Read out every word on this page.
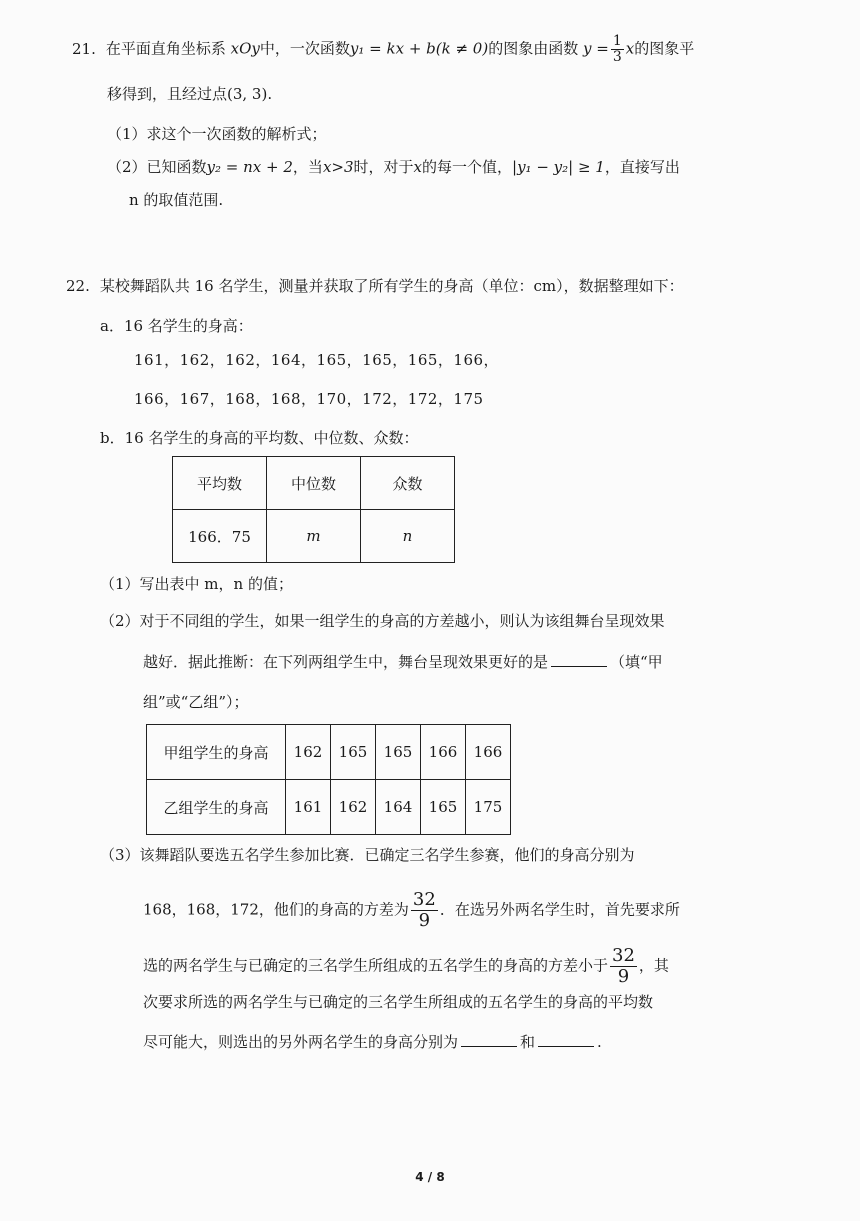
21. 在平面直角坐标系 xOy中，一次函数y₁ = kx + b(k ≠ 0)的图象由函数 $y = \frac{1}{3}$ x的图象平
移得到，且经过点(3, 3).
（1）求这个一次函数的解析式；
（2）已知函数y₂ = nx + 2，当x>3时，对于x的每一个值，|y₁ − y₂| ≥ 1，直接写出
n 的取值范围.
22. 某校舞蹈队共 16 名学生，测量并获取了所有学生的身高（单位：cm），数据整理如下：
a．16 名学生的身高：
161，162，162，164，165，165，165，166，
166，167，168，168，170，172，172，175
b．16 名学生的身高的平均数、中位数、众数：
平均数	中位数	众数
166．75	m	n
（1）写出表中 m，n 的值；
（2）对于不同组的学生，如果一组学生的身高的方差越小，则认为该组舞台呈现效果
越好．据此推断：在下列两组学生中，舞台呈现效果更好的是	（填“甲
组”或“乙组”）；
甲组学生的身高	162	165	165	166	166
乙组学生的身高	161	162	164	165	175
（3）该舞蹈队要选五名学生参加比赛．已确定三名学生参赛，他们的身高分别为
168，168，172，他们的身高的方差为 $\frac{32}{9}$ ．在选另外两名学生时，首先要求所
选的两名学生与已确定的三名学生所组成的五名学生的身高的方差小于 $\frac{32}{9}$ ，其
次要求所选的两名学生与已确定的三名学生所组成的五名学生的身高的平均数
尽可能大，则选出的另外两名学生的身高分别为	和	.
4 / 8
